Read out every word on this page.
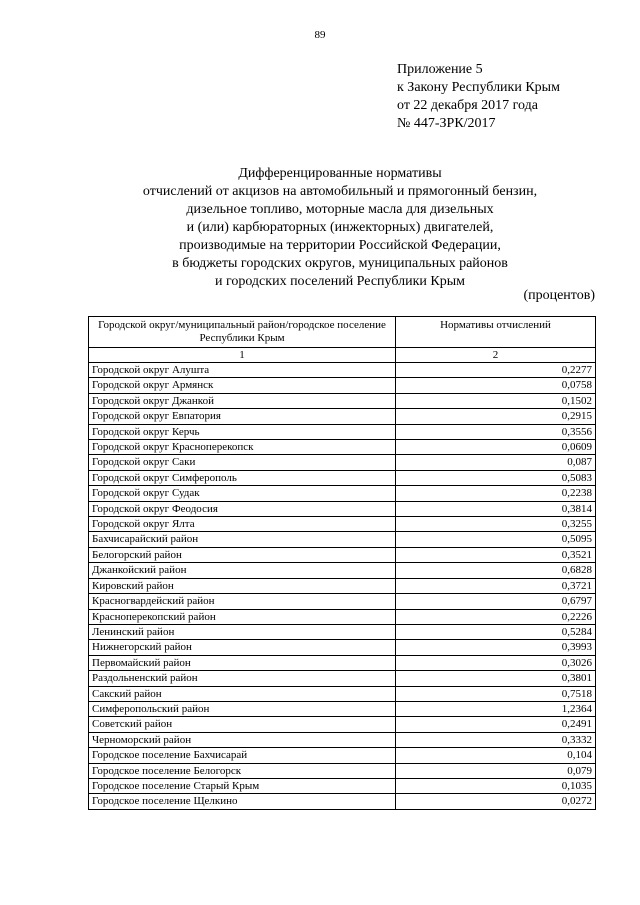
89
Приложение 5
к Закону Республики Крым
от 22 декабря 2017 года
№ 447-ЗРК/2017
Дифференцированные нормативы
отчислений от акцизов на автомобильный и прямогонный бензин,
дизельное топливо, моторные масла для дизельных
и (или) карбюраторных (инжекторных) двигателей,
производимые на территории Российской Федерации,
в бюджеты городских округов, муниципальных районов
и городских поселений Республики Крым
(процентов)
Городской округ/муниципальный район/городское поселение Республики Крым	Нормативы отчислений
1	2
Городской округ Алушта	0,2277
Городской округ Армянск	0,0758
Городской округ Джанкой	0,1502
Городской округ Евпатория	0,2915
Городской округ Керчь	0,3556
Городской округ Красноперекопск	0,0609
Городской округ Саки	0,087
Городской округ Симферополь	0,5083
Городской округ Судак	0,2238
Городской округ Феодосия	0,3814
Городской округ Ялта	0,3255
Бахчисарайский район	0,5095
Белогорский район	0,3521
Джанкойский район	0,6828
Кировский район	0,3721
Красногвардейский район	0,6797
Красноперекопский район	0,2226
Ленинский район	0,5284
Нижнегорский район	0,3993
Первомайский район	0,3026
Раздольненский район	0,3801
Сакский район	0,7518
Симферопольский район	1,2364
Советский район	0,2491
Черноморский район	0,3332
Городское поселение Бахчисарай	0,104
Городское поселение Белогорск	0,079
Городское поселение Старый Крым	0,1035
Городское поселение Щелкино	0,0272
